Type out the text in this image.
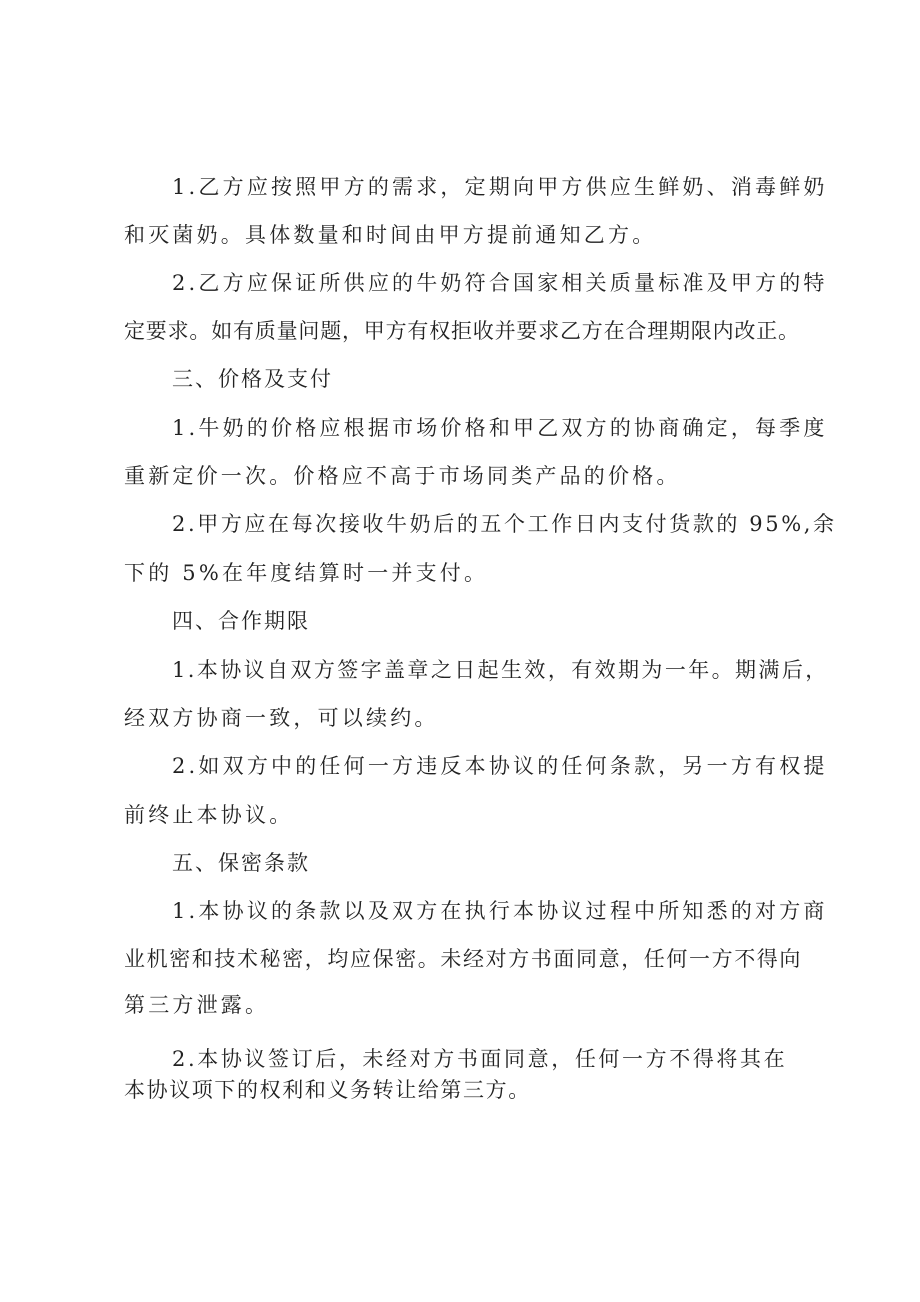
1.乙方应按照甲方的需求，定期向甲方供应生鲜奶、消毒鲜奶
和灭菌奶。具体数量和时间由甲方提前通知乙方。
2.乙方应保证所供应的牛奶符合国家相关质量标准及甲方的特
定要求。如有质量问题，甲方有权拒收并要求乙方在合理期限内改正。
三、价格及支付
1.牛奶的价格应根据市场价格和甲乙双方的协商确定，每季度
重新定价一次。价格应不高于市场同类产品的价格。
2.甲方应在每次接收牛奶后的五个工作日内支付货款的 95%,余
下的 5%在年度结算时一并支付。
四、合作期限
1.本协议自双方签字盖章之日起生效，有效期为一年。期满后，
经双方协商一致，可以续约。
2.如双方中的任何一方违反本协议的任何条款，另一方有权提
前终止本协议。
五、保密条款
1.本协议的条款以及双方在执行本协议过程中所知悉的对方商
业机密和技术秘密，均应保密。未经对方书面同意，任何一方不得向
第三方泄露。
2.本协议签订后，未经对方书面同意，任何一方不得将其在
本协议项下的权利和义务转让给第三方。
